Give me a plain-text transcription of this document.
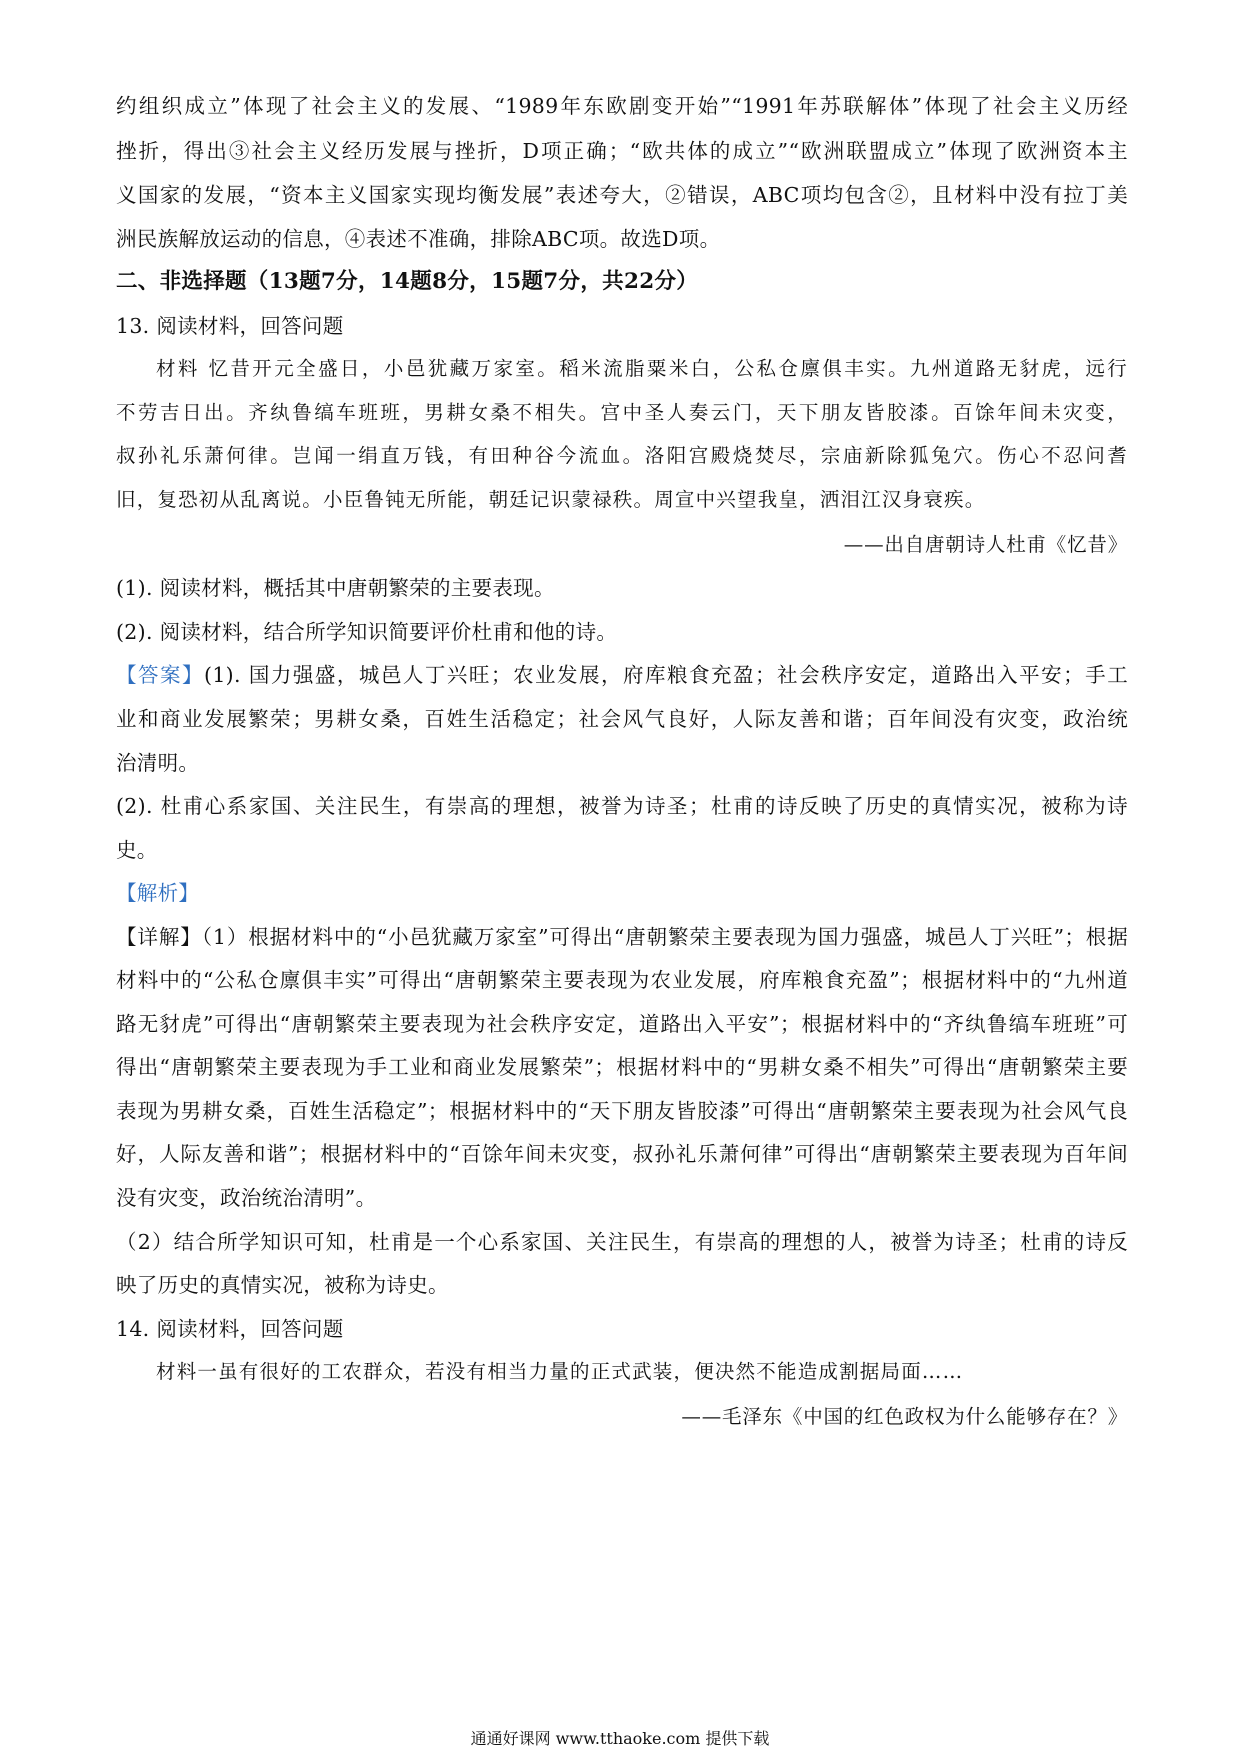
约组织成立”体现了社会主义的发展、“1989年东欧剧变开始”“1991年苏联解体”体现了社会主义历经
挫折，得出③社会主义经历发展与挫折，D项正确；“欧共体的成立”“欧洲联盟成立”体现了欧洲资本主
义国家的发展，“资本主义国家实现均衡发展”表述夸大，②错误，ABC项均包含②，且材料中没有拉丁美
洲民族解放运动的信息，④表述不准确，排除ABC项。故选D项。
二、非选择题（13题7分，14题8分，15题7分，共22分）
13. 阅读材料，回答问题
材料 忆昔开元全盛日，小邑犹藏万家室。稻米流脂粟米白，公私仓廪俱丰实。九州道路无豺虎，远行
不劳吉日出。齐纨鲁缟车班班，男耕女桑不相失。宫中圣人奏云门，天下朋友皆胶漆。百馀年间未灾变，
叔孙礼乐萧何律。岂闻一绢直万钱，有田种谷今流血。洛阳宫殿烧焚尽，宗庙新除狐兔穴。伤心不忍问耆
旧，复恐初从乱离说。小臣鲁钝无所能，朝廷记识蒙禄秩。周宣中兴望我皇，洒泪江汉身衰疾。
——出自唐朝诗人杜甫《忆昔》
(1). 阅读材料，概括其中唐朝繁荣的主要表现。
(2). 阅读材料，结合所学知识简要评价杜甫和他的诗。
【答案】(1). 国力强盛，城邑人丁兴旺；农业发展，府库粮食充盈；社会秩序安定，道路出入平安；手工
业和商业发展繁荣；男耕女桑，百姓生活稳定；社会风气良好，人际友善和谐；百年间没有灾变，政治统
治清明。
(2). 杜甫心系家国、关注民生，有崇高的理想，被誉为诗圣；杜甫的诗反映了历史的真情实况，被称为诗
史。
【解析】
【详解】（1）根据材料中的“小邑犹藏万家室”可得出“唐朝繁荣主要表现为国力强盛，城邑人丁兴旺”；根据
材料中的“公私仓廪俱丰实”可得出“唐朝繁荣主要表现为农业发展，府库粮食充盈”；根据材料中的“九州道
路无豺虎”可得出“唐朝繁荣主要表现为社会秩序安定，道路出入平安”；根据材料中的“齐纨鲁缟车班班”可
得出“唐朝繁荣主要表现为手工业和商业发展繁荣”；根据材料中的“男耕女桑不相失”可得出“唐朝繁荣主要
表现为男耕女桑，百姓生活稳定”；根据材料中的“天下朋友皆胶漆”可得出“唐朝繁荣主要表现为社会风气良
好，人际友善和谐”；根据材料中的“百馀年间未灾变，叔孙礼乐萧何律”可得出“唐朝繁荣主要表现为百年间
没有灾变，政治统治清明”。
（2）结合所学知识可知，杜甫是一个心系家国、关注民生，有崇高的理想的人，被誉为诗圣；杜甫的诗反
映了历史的真情实况，被称为诗史。
14. 阅读材料，回答问题
材料一虽有很好的工农群众，若没有相当力量的正式武装，便决然不能造成割据局面……
——毛泽东《中国的红色政权为什么能够存在？》
通通好课网 www.tthaoke.com 提供下载
